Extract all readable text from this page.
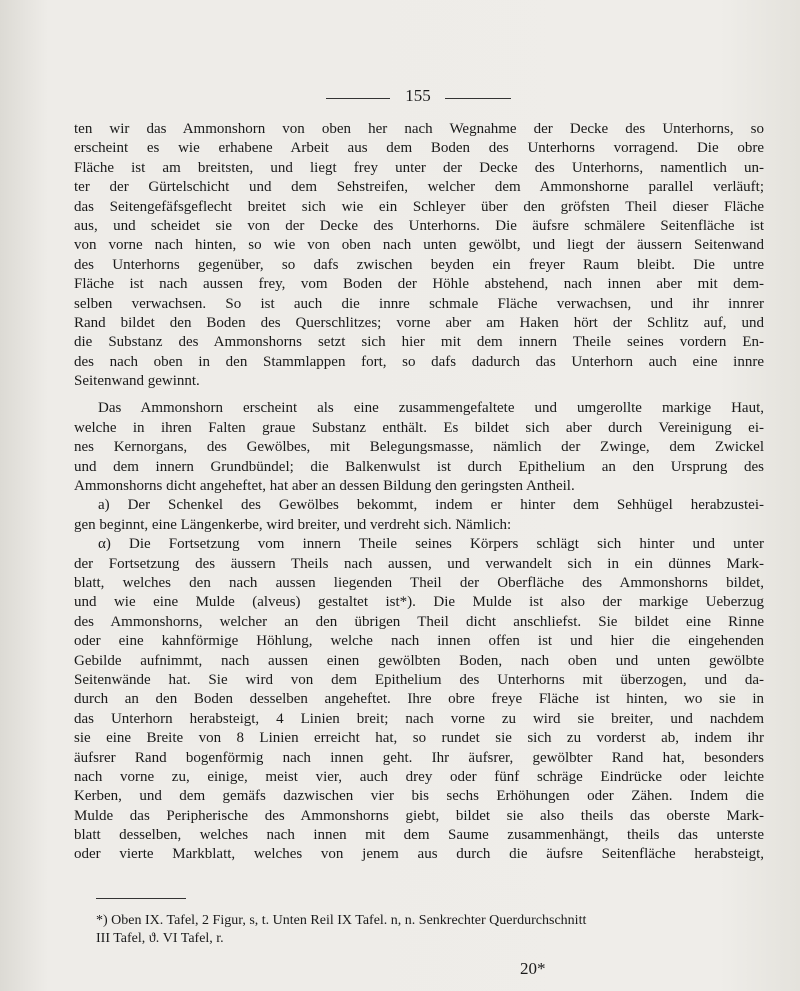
155
ten wir das Ammonshorn von oben her nach Wegnahme der Decke des Unterhorns, so
erscheint es wie erhabene Arbeit aus dem Boden des Unterhorns vorragend. Die obre
Fläche ist am breitsten, und liegt frey unter der Decke des Unterhorns, namentlich un-
ter der Gürtelschicht und dem Sehstreifen, welcher dem Ammonshorne parallel verläuft;
das Seitengefäfsgeflecht breitet sich wie ein Schleyer über den gröfsten Theil dieser Fläche
aus, und scheidet sie von der Decke des Unterhorns. Die äufsre schmälere Seitenfläche ist
von vorne nach hinten, so wie von oben nach unten gewölbt, und liegt der äussern Seitenwand
des Unterhorns gegenüber, so dafs zwischen beyden ein freyer Raum bleibt. Die untre
Fläche ist nach aussen frey, vom Boden der Höhle abstehend, nach innen aber mit dem-
selben verwachsen. So ist auch die innre schmale Fläche verwachsen, und ihr innrer
Rand bildet den Boden des Querschlitzes; vorne aber am Haken hört der Schlitz auf, und
die Substanz des Ammonshorns setzt sich hier mit dem innern Theile seines vordern En-
des nach oben in den Stammlappen fort, so dafs dadurch das Unterhorn auch eine innre
Seitenwand gewinnt.
Das Ammonshorn erscheint als eine zusammengefaltete und umgerollte markige Haut,
welche in ihren Falten graue Substanz enthält. Es bildet sich aber durch Vereinigung ei-
nes Kernorgans, des Gewölbes, mit Belegungsmasse, nämlich der Zwinge, dem Zwickel
und dem innern Grundbündel; die Balkenwulst ist durch Epithelium an den Ursprung des
Ammonshorns dicht angeheftet, hat aber an dessen Bildung den geringsten Antheil.
a) Der Schenkel des Gewölbes bekommt, indem er hinter dem Sehhügel herabzustei-
gen beginnt, eine Längenkerbe, wird breiter, und verdreht sich. Nämlich:
α) Die Fortsetzung vom innern Theile seines Körpers schlägt sich hinter und unter
der Fortsetzung des äussern Theils nach aussen, und verwandelt sich in ein dünnes Mark-
blatt, welches den nach aussen liegenden Theil der Oberfläche des Ammonshorns bildet,
und wie eine Mulde (alveus) gestaltet ist*). Die Mulde ist also der markige Ueberzug
des Ammonshorns, welcher an den übrigen Theil dicht anschliefst. Sie bildet eine Rinne
oder eine kahnförmige Höhlung, welche nach innen offen ist und hier die eingehenden
Gebilde aufnimmt, nach aussen einen gewölbten Boden, nach oben und unten gewölbte
Seitenwände hat. Sie wird von dem Epithelium des Unterhorns mit überzogen, und da-
durch an den Boden desselben angeheftet. Ihre obre freye Fläche ist hinten, wo sie in
das Unterhorn herabsteigt, 4 Linien breit; nach vorne zu wird sie breiter, und nachdem
sie eine Breite von 8 Linien erreicht hat, so rundet sie sich zu vorderst ab, indem ihr
äufsrer Rand bogenförmig nach innen geht. Ihr äufsrer, gewölbter Rand hat, besonders
nach vorne zu, einige, meist vier, auch drey oder fünf schräge Eindrücke oder leichte
Kerben, und dem gemäfs dazwischen vier bis sechs Erhöhungen oder Zähen. Indem die
Mulde das Peripherische des Ammonshorns giebt, bildet sie also theils das oberste Mark-
blatt desselben, welches nach innen mit dem Saume zusammenhängt, theils das unterste
oder vierte Markblatt, welches von jenem aus durch die äufsre Seitenfläche herabsteigt,
*) Oben IX. Tafel, 2 Figur, s, t. Unten Reil IX Tafel. n, n. Senkrechter Querdurchschnitt
III Tafel, ϑ. VI Tafel, r.
20*
